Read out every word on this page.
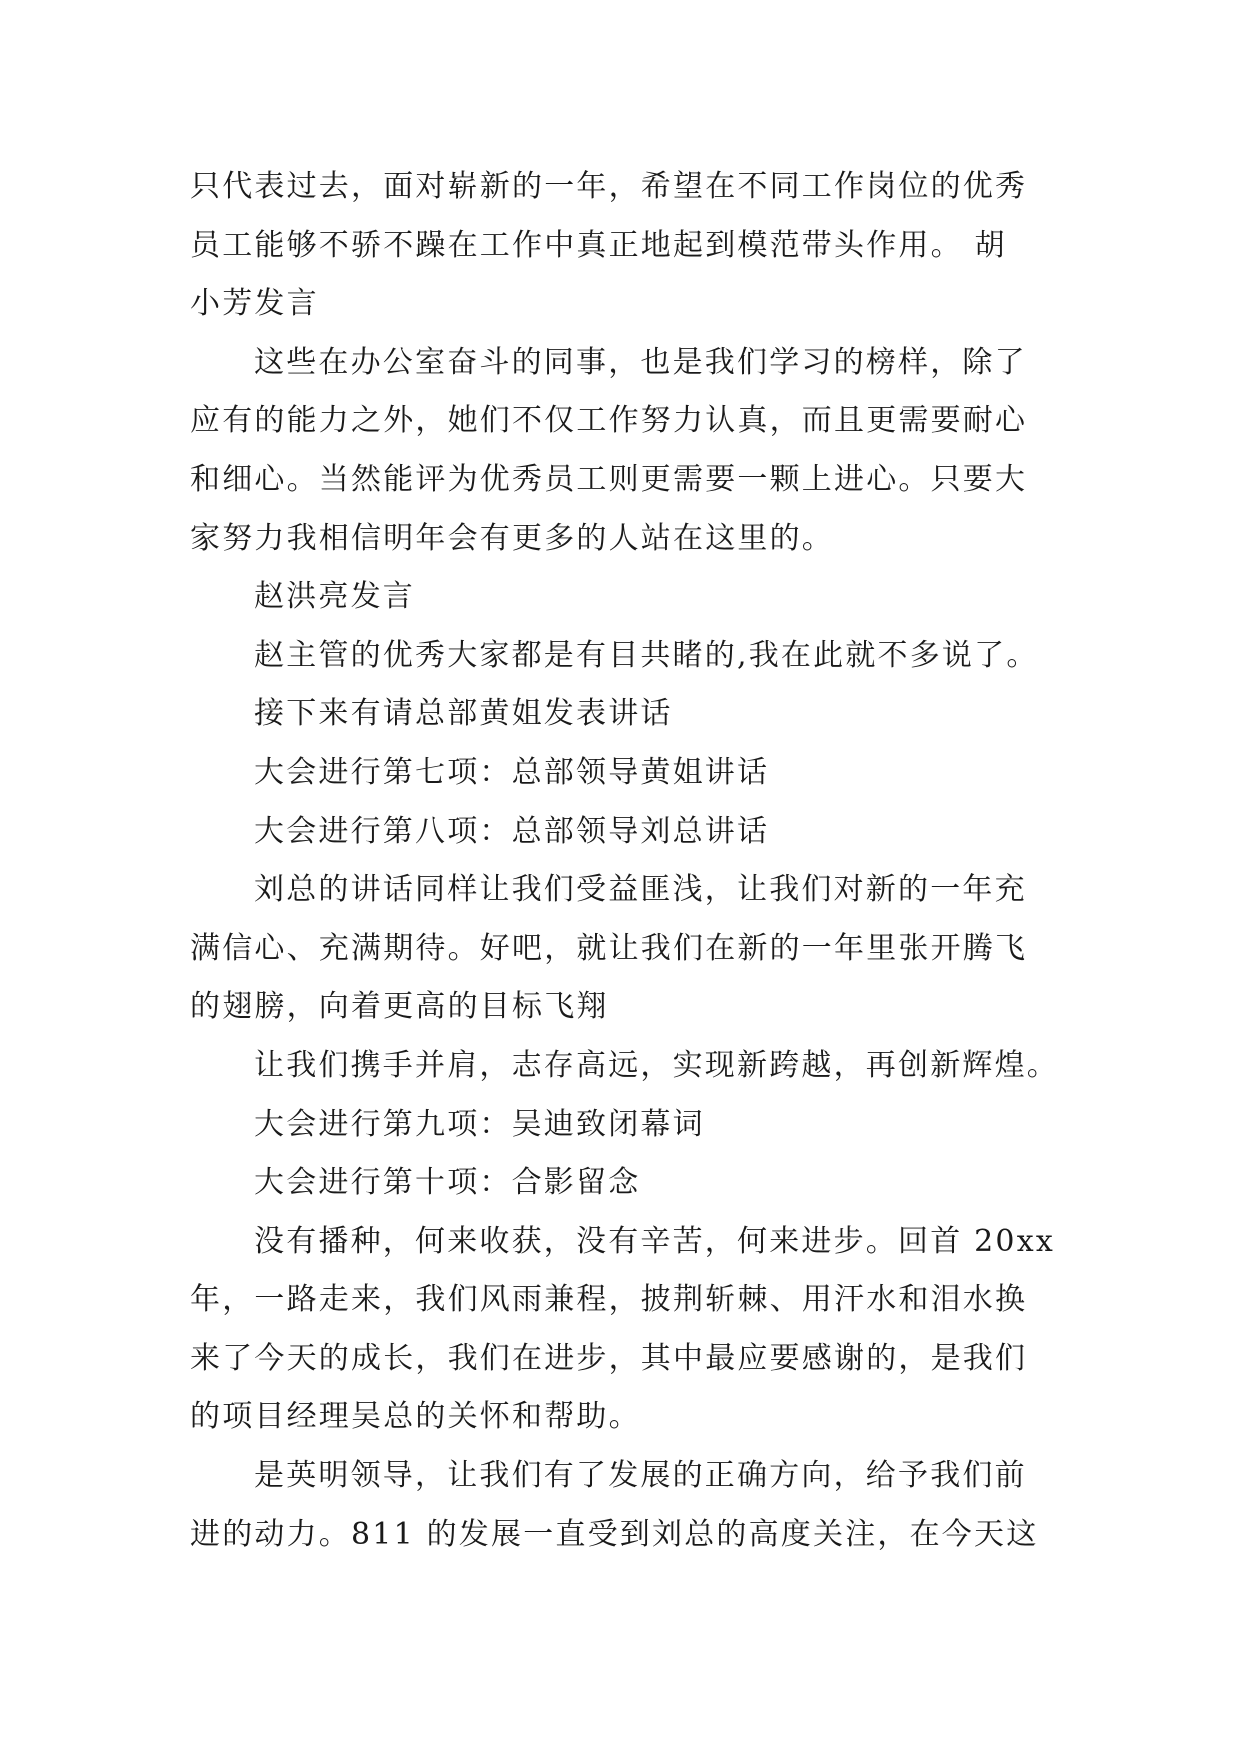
只代表过去，面对崭新的一年，希望在不同工作岗位的优秀
员工能够不骄不躁在工作中真正地起到模范带头作用。 胡
小芳发言
这些在办公室奋斗的同事，也是我们学习的榜样，除了
应有的能力之外，她们不仅工作努力认真，而且更需要耐心
和细心。当然能评为优秀员工则更需要一颗上进心。只要大
家努力我相信明年会有更多的人站在这里的。
赵洪亮发言
赵主管的优秀大家都是有目共睹的,我在此就不多说了。
接下来有请总部黄姐发表讲话
大会进行第七项：总部领导黄姐讲话
大会进行第八项：总部领导刘总讲话
刘总的讲话同样让我们受益匪浅，让我们对新的一年充
满信心、充满期待。好吧，就让我们在新的一年里张开腾飞
的翅膀，向着更高的目标飞翔
让我们携手并肩，志存高远，实现新跨越，再创新辉煌。
大会进行第九项：吴迪致闭幕词
大会进行第十项：合影留念
没有播种，何来收获，没有辛苦，何来进步。回首 20xx
年，一路走来，我们风雨兼程，披荆斩棘、用汗水和泪水换
来了今天的成长，我们在进步，其中最应要感谢的，是我们
的项目经理吴总的关怀和帮助。
是英明领导，让我们有了发展的正确方向，给予我们前
进的动力。811 的发展一直受到刘总的高度关注，在今天这
